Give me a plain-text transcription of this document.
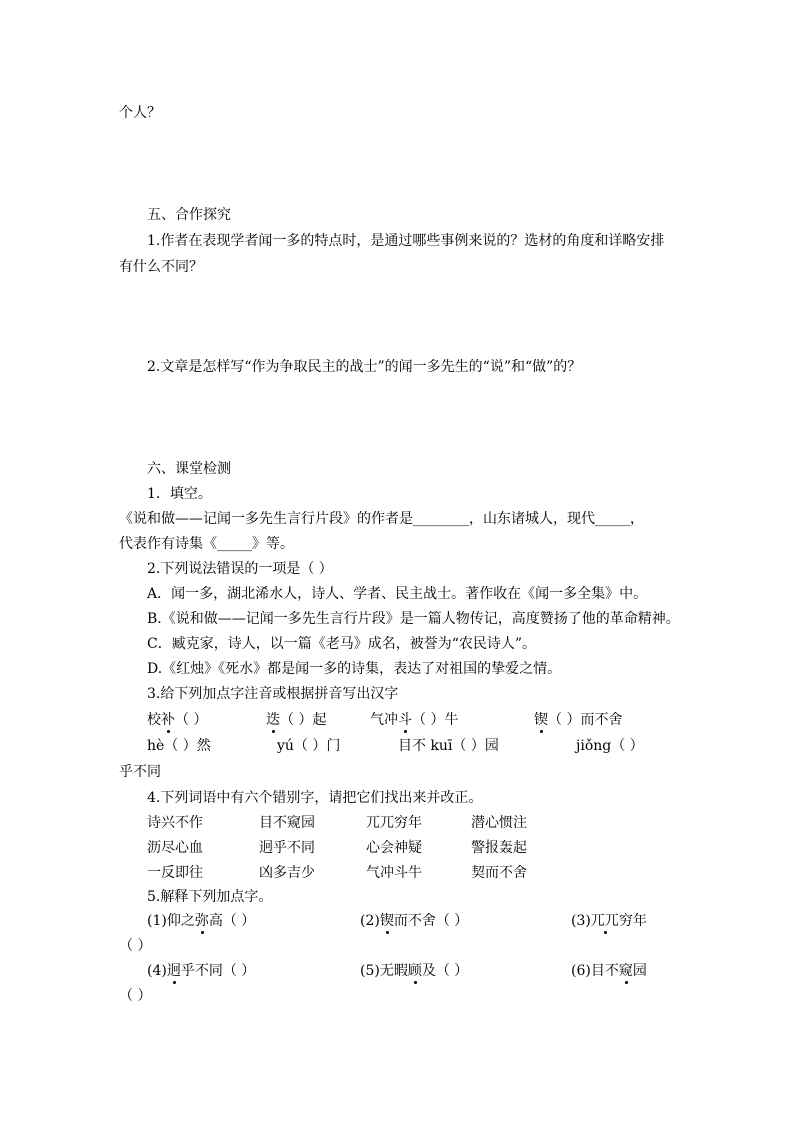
个人？
五、合作探究
1.作者在表现学者闻一多的特点时，是通过哪些事例来说的？选材的角度和详略安排
有什么不同？
2.文章是怎样写“作为争取民主的战士”的闻一多先生的“说”和“做”的？
六、课堂检测
1．填空。
《说和做——记闻一多先生言行片段》的作者是________，山东诸城人，现代_____，
代表作有诗集《_____》等。
2.下列说法错误的一项是（ ）
A．闻一多，湖北浠水人，诗人、学者、民主战士。著作收在《闻一多全集》中。
B.《说和做——记闻一多先生言行片段》是一篇人物传记，高度赞扬了他的革命精神。
C．臧克家，诗人，以一篇《老马》成名，被誉为“农民诗人”。
D.《红烛》《死水》都是闻一多的诗集，表达了对祖国的挚爱之情。
3.给下列加点字注音或根据拼音写出汉字
校补（ ）	迭（ ）起	气冲斗（ ）牛	锲（ ）而不舍
hè（ ）然	yú（ ）门	目不 kuī（ ）园	jiǒng（ ）
乎不同
4.下列词语中有六个错别字，请把它们找出来并改正。
诗兴不作	目不窥园	兀兀穷年	潜心惯注
沥尽心血	迥乎不同	心会神疑	警报轰起
一反即往	凶多吉少	气冲斗牛	契而不舍
5.解释下列加点字。
(1)仰之弥高（ ）	(2)锲而不舍（ ）	(3)兀兀穷年
（ ）
(4)迥乎不同（ ）	(5)无暇顾及（ ）	(6)目不窥园
（ ）
